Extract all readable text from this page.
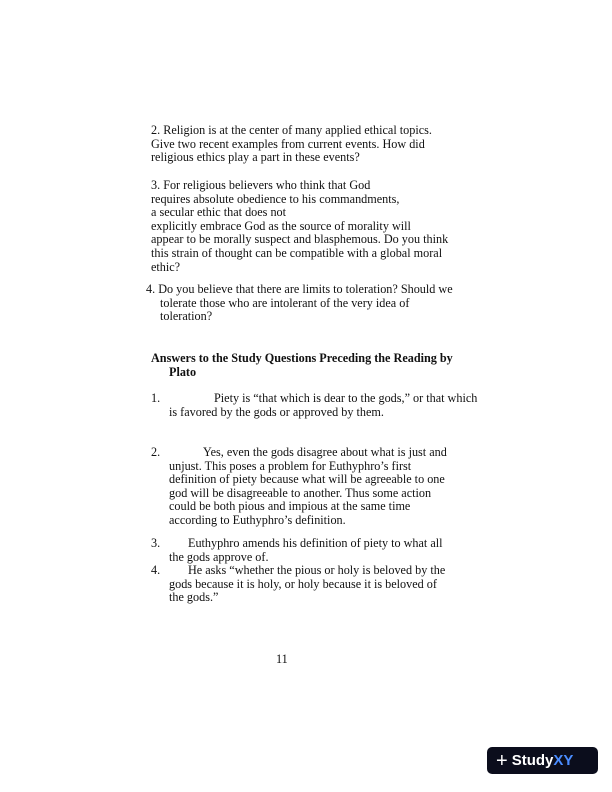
2. Religion is at the center of many applied ethical topics.
Give two recent examples from current events. How did
religious ethics play a part in these events?
3. For religious believers who think that God
requires absolute obedience to his commandments,
a secular ethic that does not
explicitly embrace God as the source of morality will
appear to be morally suspect and blasphemous. Do you think
this strain of thought can be compatible with a global moral
ethic?
4. Do you believe that there are limits to toleration? Should we
tolerate those who are intolerant of the very idea of
toleration?
Answers to the Study Questions Preceding the Reading by
Plato
1.	Piety is “that which is dear to the gods,” or that which
is favored by the gods or approved by them.
2.	Yes, even the gods disagree about what is just and
unjust. This poses a problem for Euthyphro’s first
definition of piety because what will be agreeable to one
god will be disagreeable to another. Thus some action
could be both pious and impious at the same time
according to Euthyphro’s definition.
3.	Euthyphro amends his definition of piety to what all
the gods approve of.
4.	He asks “whether the pious or holy is beloved by the
gods because it is holy, or holy because it is beloved of
the gods.”
11
+ Study XY
